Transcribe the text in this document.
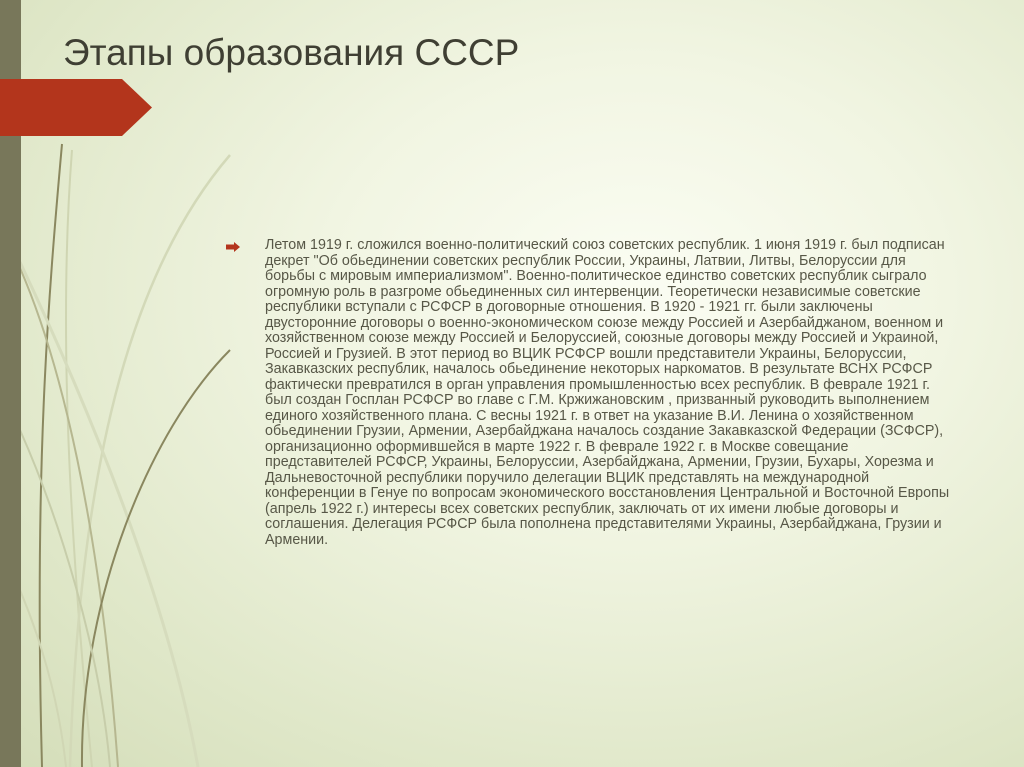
Этапы образования СССР

Летом 1919 г. сложился военно-политический союз советских республик. 1 июня 1919 г. был подписан декрет "Об обьединении советских республик России, Украины, Латвии, Литвы, Белоруссии для борьбы с мировым империализмом". Военно-политическое единство советских республик сыграло огромную роль в разгроме обьединенных сил интервенции. Теоретически независимые советские республики вступали с РСФСР в договорные отношения. В 1920 - 1921 гг. были заключены двусторонние договоры о военно-экономическом союзе между Россией и Азербайджаном, военном и хозяйственном союзе между Россией и Белоруссией, союзные договоры между Россией и Украиной, Россией и Грузией. В этот период во ВЦИК РСФСР вошли представители Украины, Белоруссии, Закавказских республик, началось обьединение некоторых наркоматов. В результате ВСНХ РСФСР фактически превратился в орган управления промышленностью всех республик. В феврале 1921 г. был создан Госплан РСФСР во главе с Г.М. Кржижановским , призванный руководить выполнением единого хозяйственного плана. С весны 1921 г. в ответ на указание В.И. Ленина о хозяйственном обьединении Грузии, Армении, Азербайджана началось создание Закавказской Федерации (ЗСФСР), организационно оформившейся в марте 1922 г. В феврале 1922 г. в Москве совещание представителей РСФСР, Украины, Белоруссии, Азербайджана, Армении, Грузии, Бухары, Хорезма и Дальневосточной республики поручило делегации ВЦИК представлять на международной конференции в Генуе по вопросам экономического восстановления Центральной и Восточной Европы (апрель 1922 г.) интересы всех советских республик, заключать от их имени любые договоры и соглашения. Делегация РСФСР была пополнена представителями Украины, Азербайджана, Грузии и Армении.
